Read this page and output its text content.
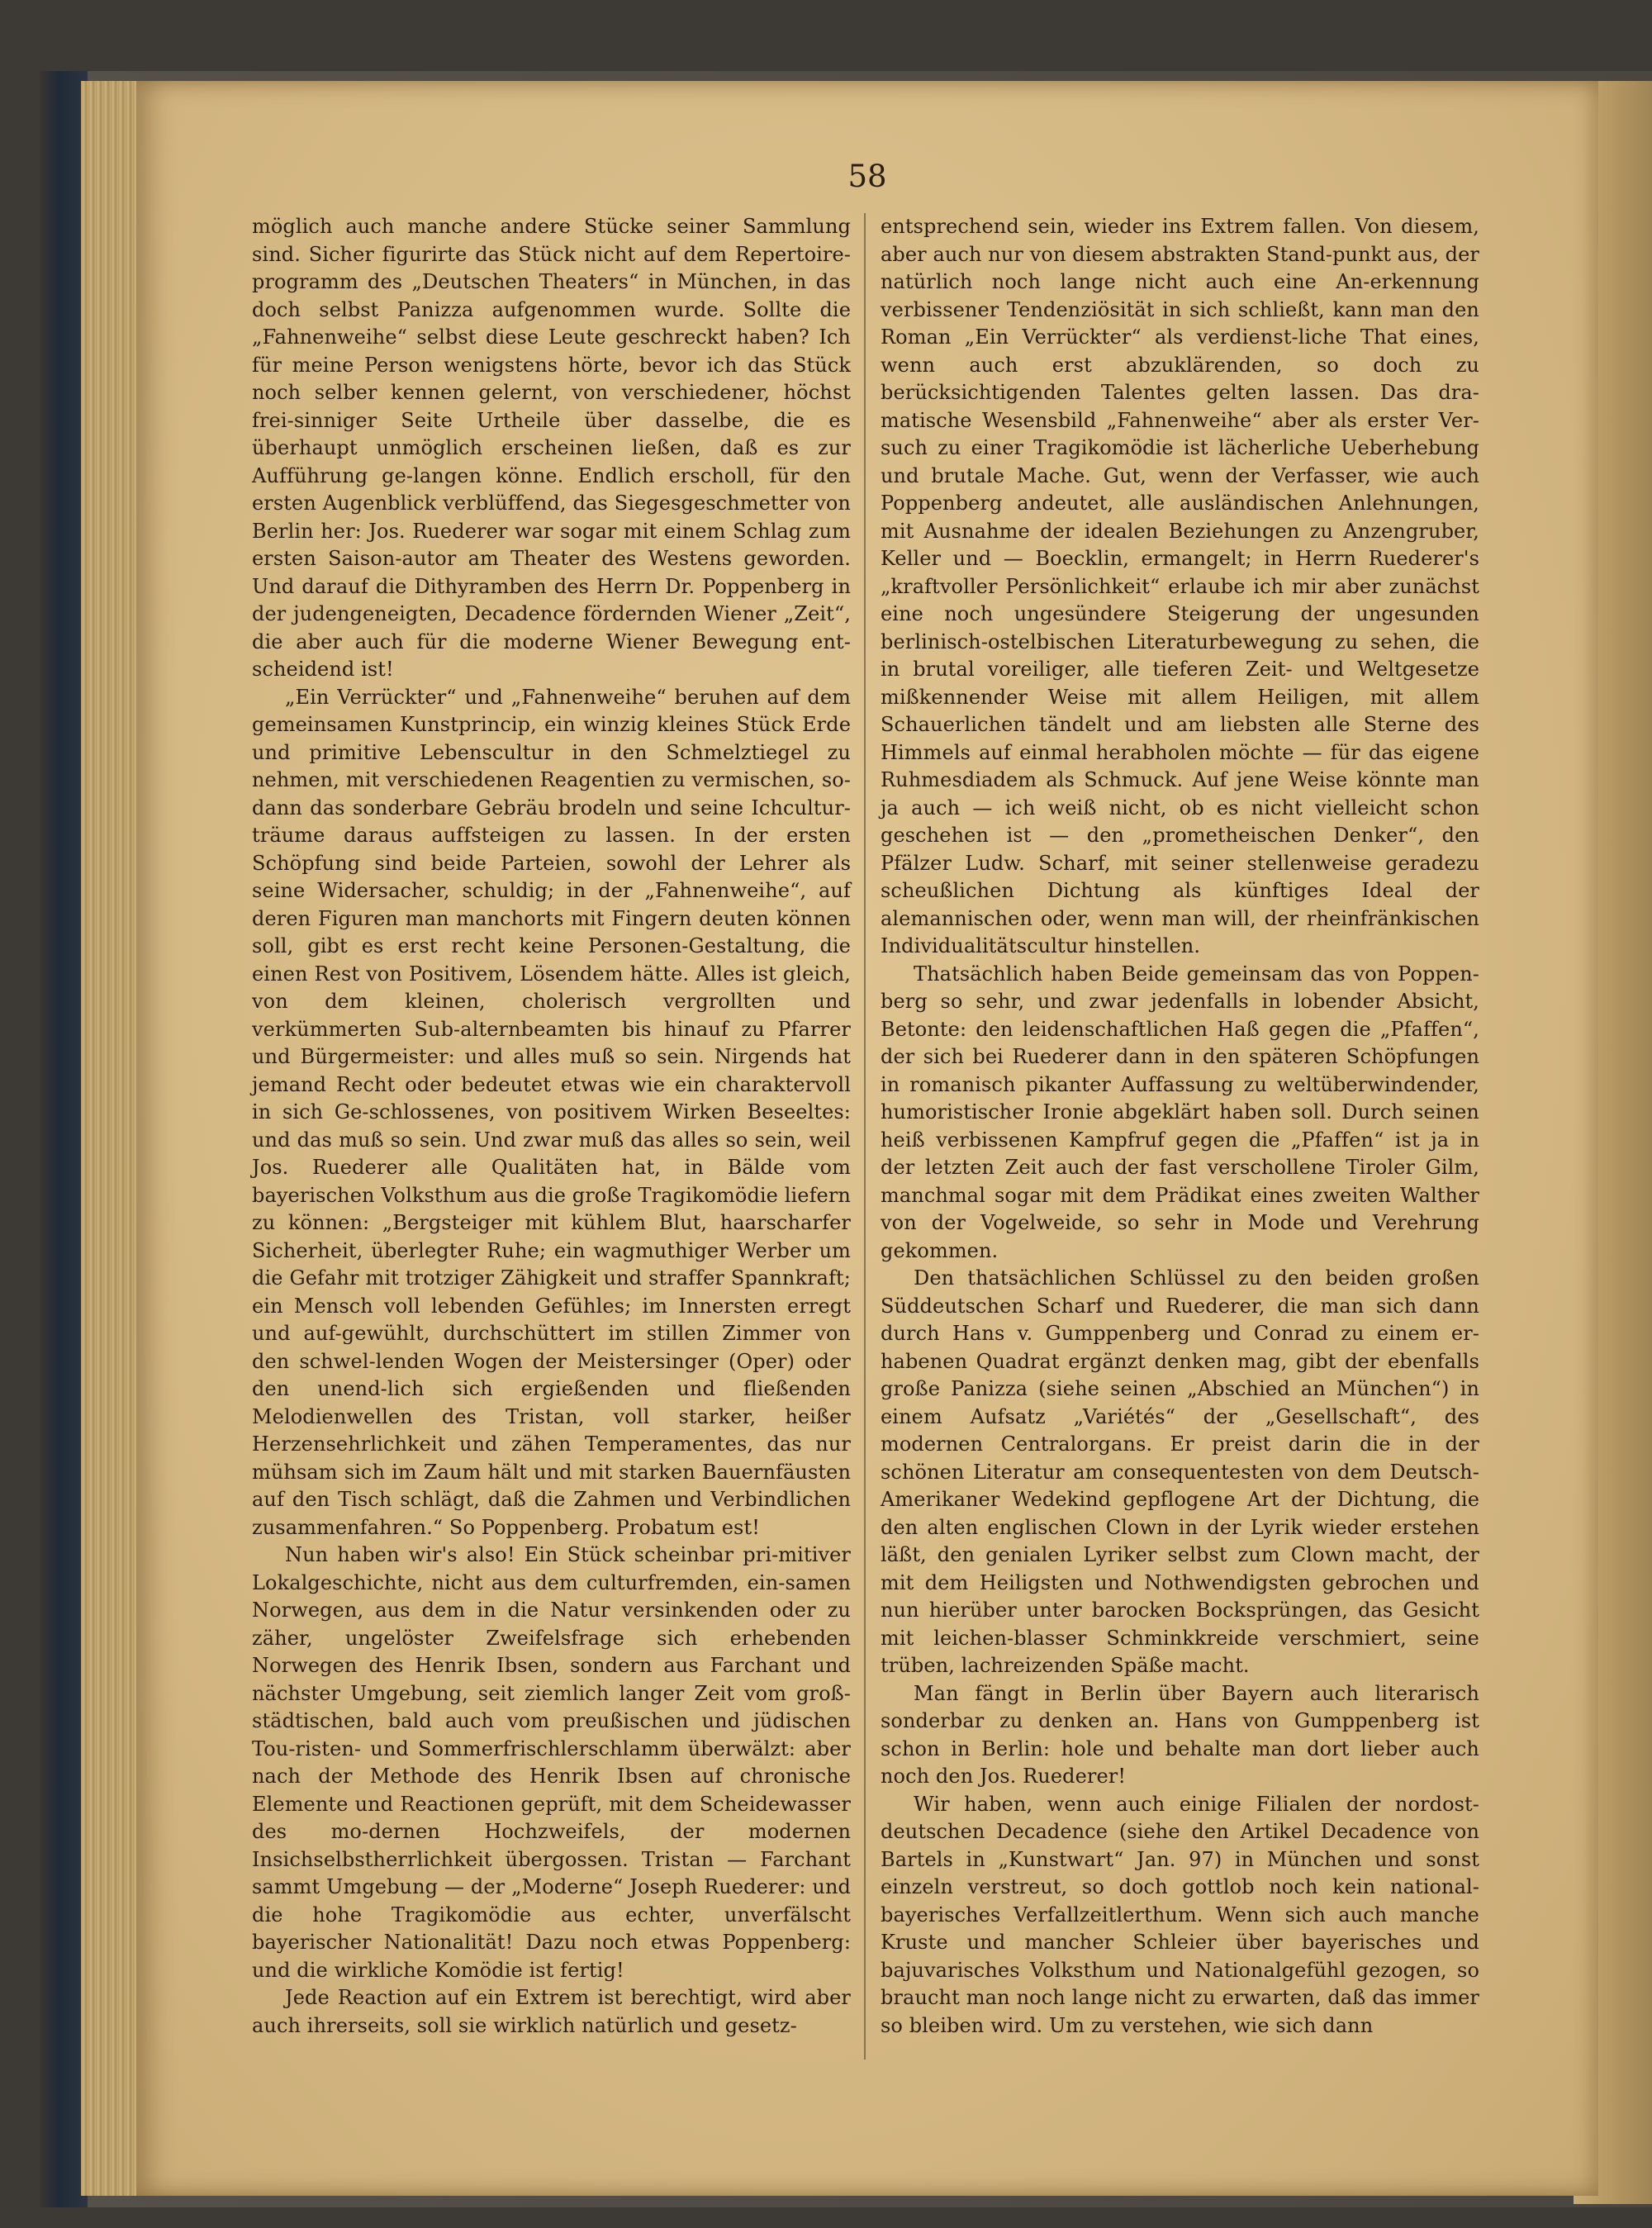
58

möglich auch manche andere Stücke seiner Sammlung sind. Sicher figurirte das Stück nicht auf dem Repertoire-programm des „Deutschen Theaters“ in München, in das doch selbst Panizza aufgenommen wurde. Sollte die „Fahnenweihe“ selbst diese Leute geschreckt haben? Ich für meine Person wenigstens hörte, bevor ich das Stück noch selber kennen gelernt, von verschiedener, höchst frei-sinniger Seite Urtheile über dasselbe, die es überhaupt unmöglich erscheinen ließen, daß es zur Aufführung ge-langen könne. Endlich erscholl, für den ersten Augenblick verblüffend, das Siegesgeschmetter von Berlin her: Jos. Ruederer war sogar mit einem Schlag zum ersten Saison-autor am Theater des Westens geworden. Und darauf die Dithyramben des Herrn Dr. Poppenberg in der judengeneigten, Decadence fördernden Wiener „Zeit“, die aber auch für die moderne Wiener Bewegung ent-scheidend ist!

„Ein Verrückter“ und „Fahnenweihe“ beruhen auf dem gemeinsamen Kunstprincip, ein winzig kleines Stück Erde und primitive Lebenscultur in den Schmelztiegel zu nehmen, mit verschiedenen Reagentien zu vermischen, so-dann das sonderbare Gebräu brodeln und seine Ichcultur-träume daraus auffsteigen zu lassen. In der ersten Schöpfung sind beide Parteien, sowohl der Lehrer als seine Widersacher, schuldig; in der „Fahnenweihe“, auf deren Figuren man manchorts mit Fingern deuten können soll, gibt es erst recht keine Personen-Gestaltung, die einen Rest von Positivem, Lösendem hätte. Alles ist gleich, von dem kleinen, cholerisch vergrollten und verkümmerten Sub-alternbeamten bis hinauf zu Pfarrer und Bürgermeister: und alles muß so sein. Nirgends hat jemand Recht oder bedeutet etwas wie ein charaktervoll in sich Ge-schlossenes, von positivem Wirken Beseeltes: und das muß so sein. Und zwar muß das alles so sein, weil Jos. Ruederer alle Qualitäten hat, in Bälde vom bayerischen Volksthum aus die große Tragikomödie liefern zu können: „Bergsteiger mit kühlem Blut, haarscharfer Sicherheit, überlegter Ruhe; ein wagmuthiger Werber um die Gefahr mit trotziger Zähigkeit und straffer Spannkraft; ein Mensch voll lebenden Gefühles; im Innersten erregt und auf-gewühlt, durchschüttert im stillen Zimmer von den schwel-lenden Wogen der Meistersinger (Oper) oder den unend-lich sich ergießenden und fließenden Melodienwellen des Tristan, voll starker, heißer Herzensehrlichkeit und zähen Temperamentes, das nur mühsam sich im Zaum hält und mit starken Bauernfäusten auf den Tisch schlägt, daß die Zahmen und Verbindlichen zusammenfahren.“ So Poppenberg. Probatum est!

Nun haben wir's also! Ein Stück scheinbar pri-mitiver Lokalgeschichte, nicht aus dem culturfremden, ein-samen Norwegen, aus dem in die Natur versinkenden oder zu zäher, ungelöster Zweifelsfrage sich erhebenden Norwegen des Henrik Ibsen, sondern aus Farchant und nächster Umgebung, seit ziemlich langer Zeit vom groß-städtischen, bald auch vom preußischen und jüdischen Tou-risten- und Sommerfrischlerschlamm überwälzt: aber nach der Methode des Henrik Ibsen auf chronische Elemente und Reactionen geprüft, mit dem Scheidewasser des mo-dernen Hochzweifels, der modernen Insichselbstherrlichkeit übergossen. Tristan — Farchant sammt Umgebung — der „Moderne“ Joseph Ruederer: und die hohe Tragikomödie aus echter, unverfälscht bayerischer Nationalität! Dazu noch etwas Poppenberg: und die wirkliche Komödie ist fertig!

Jede Reaction auf ein Extrem ist berechtigt, wird aber auch ihrerseits, soll sie wirklich natürlich und gesetz-

entsprechend sein, wieder ins Extrem fallen. Von diesem, aber auch nur von diesem abstrakten Stand-punkt aus, der natürlich noch lange nicht auch eine An-erkennung verbissener Tendenziösität in sich schließt, kann man den Roman „Ein Verrückter“ als verdienst-liche That eines, wenn auch erst abzuklärenden, so doch zu berücksichtigenden Talentes gelten lassen. Das dra-matische Wesensbild „Fahnenweihe“ aber als erster Ver-such zu einer Tragikomödie ist lächerliche Ueberhebung und brutale Mache. Gut, wenn der Verfasser, wie auch Poppenberg andeutet, alle ausländischen Anlehnungen, mit Ausnahme der idealen Beziehungen zu Anzengruber, Keller und — Boecklin, ermangelt; in Herrn Ruederer's „kraftvoller Persönlichkeit“ erlaube ich mir aber zunächst eine noch ungesündere Steigerung der ungesunden berlinisch-ostelbischen Literaturbewegung zu sehen, die in brutal voreiliger, alle tieferen Zeit- und Weltgesetze mißkennender Weise mit allem Heiligen, mit allem Schauerlichen tändelt und am liebsten alle Sterne des Himmels auf einmal herabholen möchte — für das eigene Ruhmesdiadem als Schmuck. Auf jene Weise könnte man ja auch — ich weiß nicht, ob es nicht vielleicht schon geschehen ist — den „prometheischen Denker“, den Pfälzer Ludw. Scharf, mit seiner stellenweise geradezu scheußlichen Dichtung als künftiges Ideal der alemannischen oder, wenn man will, der rheinfränkischen Individualitätscultur hinstellen.

Thatsächlich haben Beide gemeinsam das von Poppen-berg so sehr, und zwar jedenfalls in lobender Absicht, Betonte: den leidenschaftlichen Haß gegen die „Pfaffen“, der sich bei Ruederer dann in den späteren Schöpfungen in romanisch pikanter Auffassung zu weltüberwindender, humoristischer Ironie abgeklärt haben soll. Durch seinen heiß verbissenen Kampfruf gegen die „Pfaffen“ ist ja in der letzten Zeit auch der fast verschollene Tiroler Gilm, manchmal sogar mit dem Prädikat eines zweiten Walther von der Vogelweide, so sehr in Mode und Verehrung gekommen.

Den thatsächlichen Schlüssel zu den beiden großen Süddeutschen Scharf und Ruederer, die man sich dann durch Hans v. Gumppenberg und Conrad zu einem er-habenen Quadrat ergänzt denken mag, gibt der ebenfalls große Panizza (siehe seinen „Abschied an München“) in einem Aufsatz „Variétés“ der „Gesellschaft“, des modernen Centralorgans. Er preist darin die in der schönen Literatur am consequentesten von dem Deutsch-Amerikaner Wedekind gepflogene Art der Dichtung, die den alten englischen Clown in der Lyrik wieder erstehen läßt, den genialen Lyriker selbst zum Clown macht, der mit dem Heiligsten und Nothwendigsten gebrochen und nun hierüber unter barocken Bocksprüngen, das Gesicht mit leichen-blasser Schminkkreide verschmiert, seine trüben, lachreizenden Späße macht.

Man fängt in Berlin über Bayern auch literarisch sonderbar zu denken an. Hans von Gumppenberg ist schon in Berlin: hole und behalte man dort lieber auch noch den Jos. Ruederer!

Wir haben, wenn auch einige Filialen der nordost-deutschen Decadence (siehe den Artikel Decadence von Bartels in „Kunstwart“ Jan. 97) in München und sonst einzeln verstreut, so doch gottlob noch kein national-bayerisches Verfallzeitlerthum. Wenn sich auch manche Kruste und mancher Schleier über bayerisches und bajuvarisches Volksthum und Nationalgefühl gezogen, so braucht man noch lange nicht zu erwarten, daß das immer so bleiben wird. Um zu verstehen, wie sich dann
